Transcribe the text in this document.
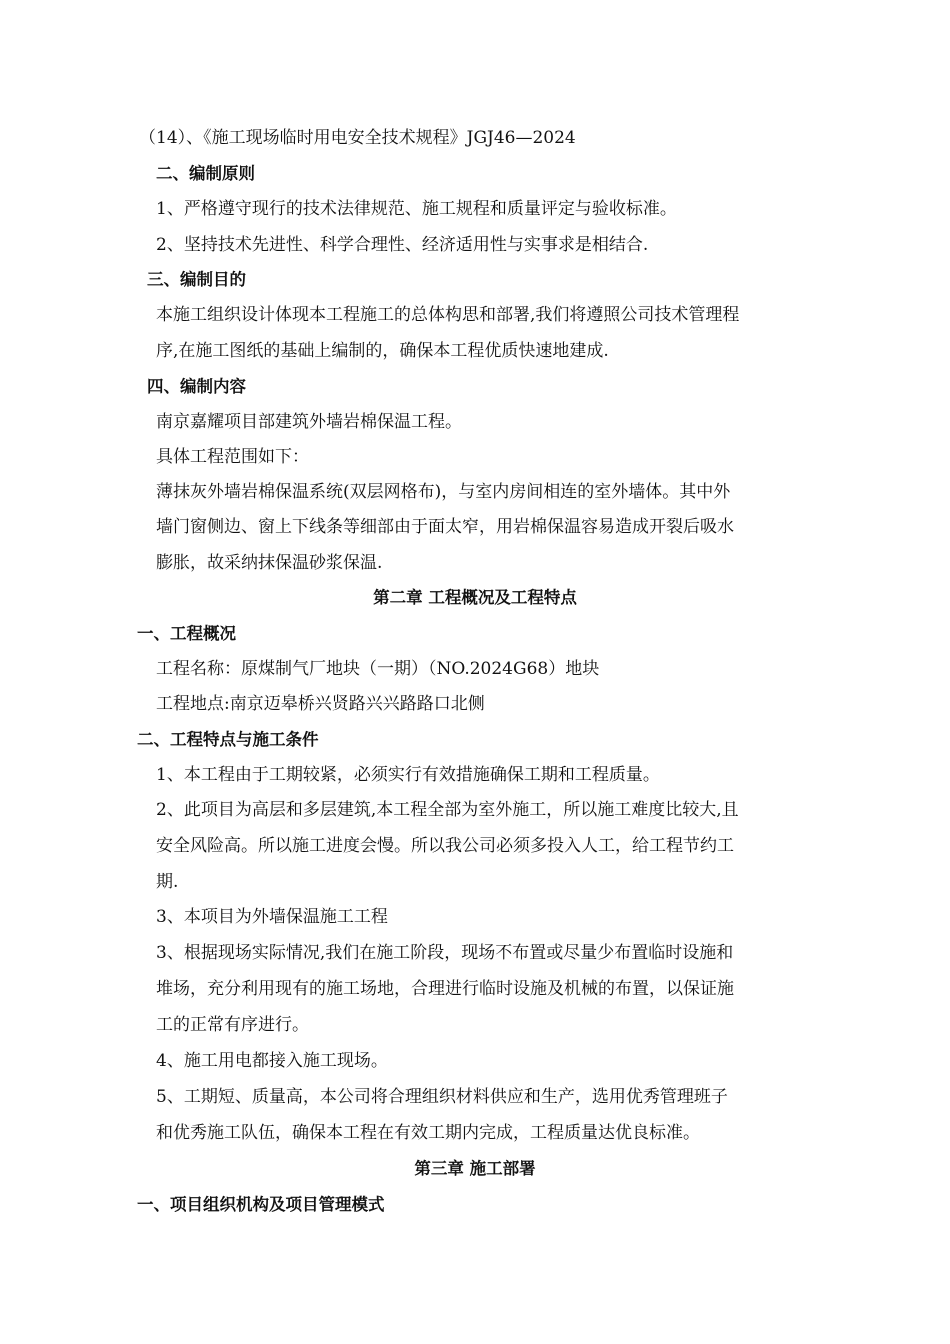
（14）、《施工现场临时用电安全技术规程》JGJ46—2024
二、编制原则
1、严格遵守现行的技术法律规范、施工规程和质量评定与验收标准。
2、坚持技术先进性、科学合理性、经济适用性与实事求是相结合.
三、编制目的
本施工组织设计体现本工程施工的总体构思和部署,我们将遵照公司技术管理程
序,在施工图纸的基础上编制的，确保本工程优质快速地建成.
四、编制内容
南京嘉耀项目部建筑外墙岩棉保温工程。
具体工程范围如下：
薄抹灰外墙岩棉保温系统(双层网格布)，与室内房间相连的室外墙体。其中外
墙门窗侧边、窗上下线条等细部由于面太窄，用岩棉保温容易造成开裂后吸水
膨胀，故采纳抹保温砂浆保温.
第二章 工程概况及工程特点
一、工程概况
工程名称：原煤制气厂地块（一期）（NO.2024G68）地块
工程地点:南京迈皋桥兴贤路兴兴路路口北侧
二、工程特点与施工条件
1、本工程由于工期较紧，必须实行有效措施确保工期和工程质量。
2、此项目为高层和多层建筑,本工程全部为室外施工，所以施工难度比较大,且
安全风险高。所以施工进度会慢。所以我公司必须多投入人工，给工程节约工
期.
3、本项目为外墙保温施工工程
3、根据现场实际情况,我们在施工阶段，现场不布置或尽量少布置临时设施和
堆场，充分利用现有的施工场地，合理进行临时设施及机械的布置，以保证施
工的正常有序进行。
4、施工用电都接入施工现场。
5、工期短、质量高，本公司将合理组织材料供应和生产，选用优秀管理班子
和优秀施工队伍，确保本工程在有效工期内完成，工程质量达优良标准。
第三章 施工部署
一、项目组织机构及项目管理模式
